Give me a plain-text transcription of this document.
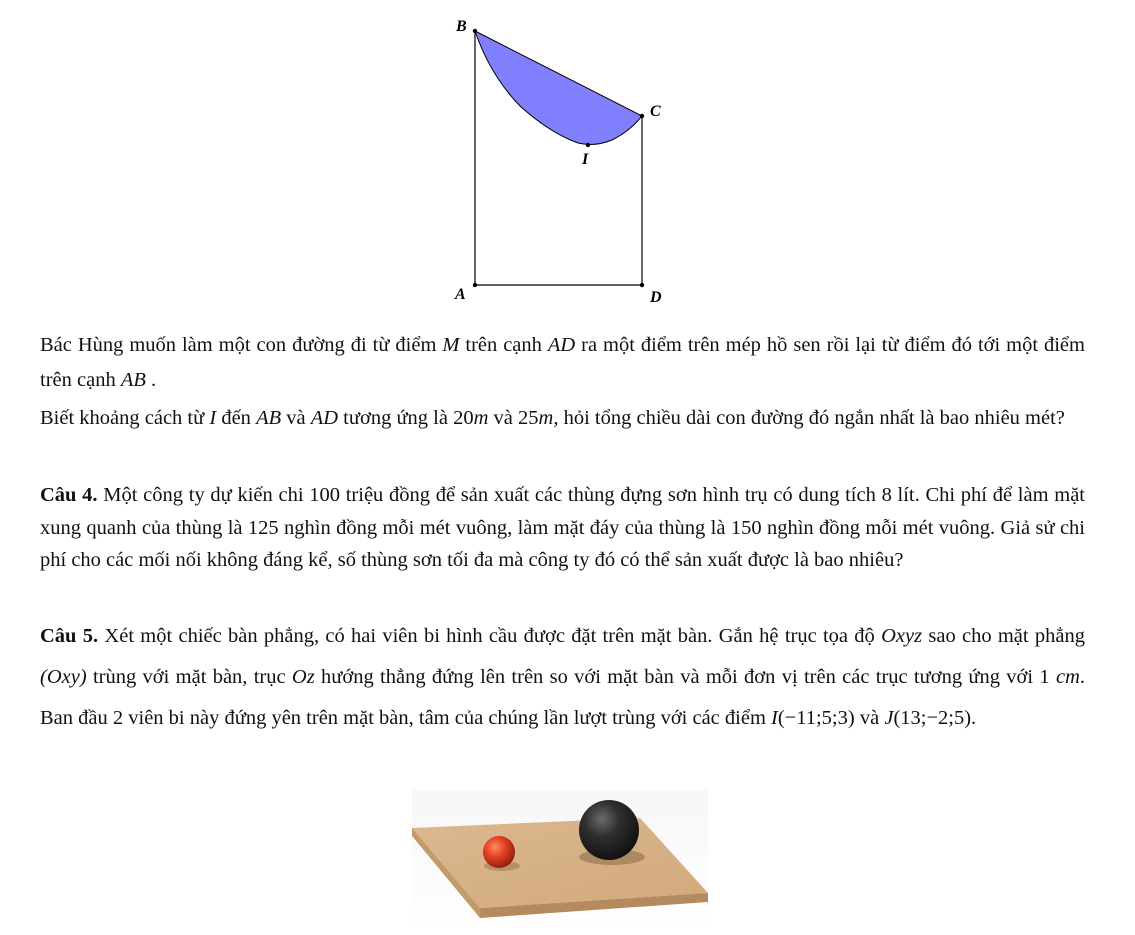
B
C
I
A	D
Bác Hùng muốn làm một con đường đi từ điểm M trên cạnh AD ra một điểm trên mép hồ sen rồi lại từ điểm đó tới một điểm trên cạnh AB .
Biết khoảng cách từ I đến AB và AD tương ứng là 20m và 25m, hỏi tổng chiều dài con đường đó ngắn nhất là bao nhiêu mét?
Câu 4. Một công ty dự kiến chi 100 triệu đồng để sản xuất các thùng đựng sơn hình trụ có dung tích 8 lít. Chi phí để làm mặt xung quanh của thùng là 125 nghìn đồng mỗi mét vuông, làm mặt đáy của thùng là 150 nghìn đồng mỗi mét vuông. Giả sử chi phí cho các mối nối không đáng kể, số thùng sơn tối đa mà công ty đó có thể sản xuất được là bao nhiêu?
Câu 5. Xét một chiếc bàn phẳng, có hai viên bi hình cầu được đặt trên mặt bàn. Gắn hệ trục tọa độ Oxyz sao cho mặt phẳng (Oxy) trùng với mặt bàn, trục Oz hướng thẳng đứng lên trên so với mặt bàn và mỗi đơn vị trên các trục tương ứng với 1 cm. Ban đầu 2 viên bi này đứng yên trên mặt bàn, tâm của chúng lần lượt trùng với các điểm I(−11;5;3) và J(13;−2;5).
